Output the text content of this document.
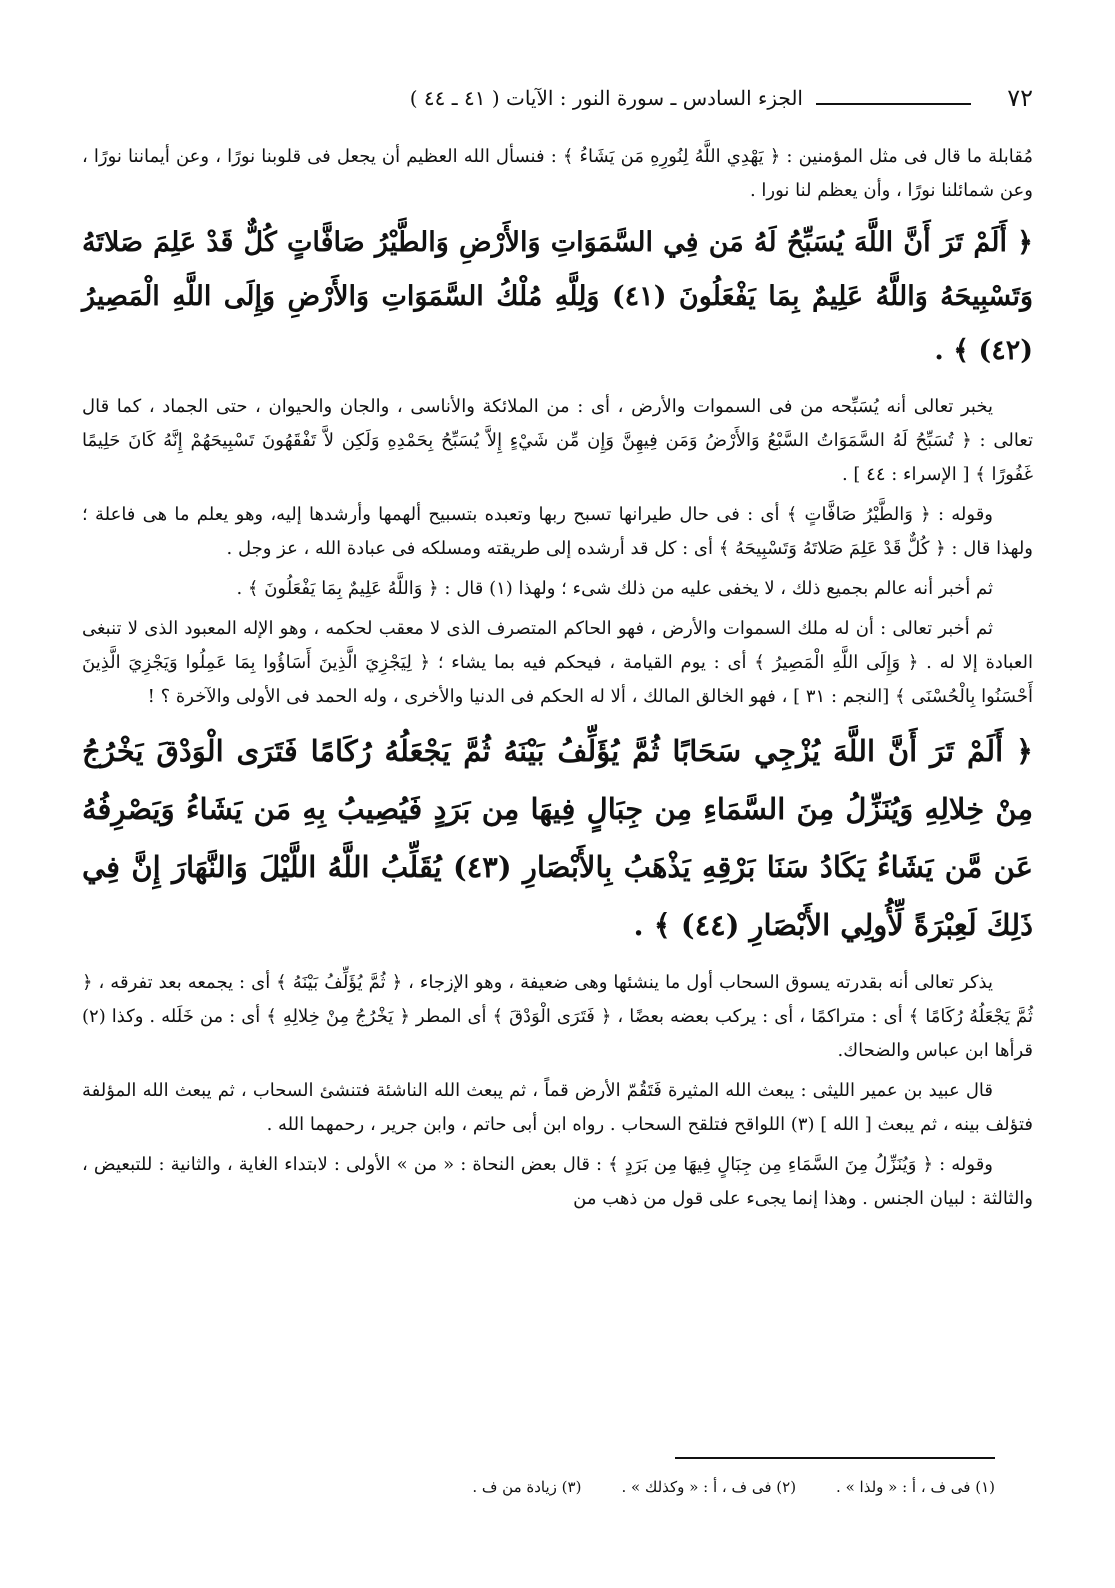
٧٢
الجزء السادس ـ سورة النور : الآيات ( ٤١ ـ ٤٤ )

مُقابلة ما قال فى مثل المؤمنين : ﴿ يَهْدِي اللَّهُ لِنُورِهِ مَن يَشَاءُ ﴾ : فنسأل الله العظيم أن يجعل فى قلوبنا نورًا ، وعن أيماننا نورًا ، وعن شمائلنا نورًا ، وأن يعظم لنا نورا .

﴿ أَلَمْ تَرَ أَنَّ اللَّهَ يُسَبِّحُ لَهُ مَن فِي السَّمَوَاتِ وَالأَرْضِ وَالطَّيْرُ صَافَّاتٍ كُلٌّ قَدْ عَلِمَ صَلاتَهُ وَتَسْبِيحَهُ وَاللَّهُ عَلِيمٌ بِمَا يَفْعَلُونَ (٤١) وَلِلَّهِ مُلْكُ السَّمَوَاتِ وَالأَرْضِ وَإِلَى اللَّهِ الْمَصِيرُ (٤٢) ﴾ .

يخبر تعالى أنه يُسَبِّحه من فى السموات والأرض ، أى : من الملائكة والأناسى ، والجان والحيوان ، حتى الجماد ، كما قال تعالى : ﴿ تُسَبِّحُ لَهُ السَّمَوَاتُ السَّبْعُ وَالأَرْضُ وَمَن فِيهِنَّ وَإِن مِّن شَيْءٍ إِلاَّ يُسَبِّحُ بِحَمْدِهِ وَلَكِن لاَّ تَفْقَهُونَ تَسْبِيحَهُمْ إِنَّهُ كَانَ حَلِيمًا غَفُورًا ﴾ [ الإسراء : ٤٤ ] .

وقوله : ﴿ وَالطَّيْرُ صَافَّاتٍ ﴾ أى : فى حال طيرانها تسبح ربها وتعبده بتسبيح ألهمها وأرشدها إليه، وهو يعلم ما هى فاعلة ؛ ولهذا قال : ﴿ كُلٌّ قَدْ عَلِمَ صَلاتَهُ وَتَسْبِيحَهُ ﴾ أى : كل قد أرشده إلى طريقته ومسلكه فى عبادة الله ، عز وجل .

ثم أخبر أنه عالم بجميع ذلك ، لا يخفى عليه من ذلك شىء ؛ ولهذا (١) قال : ﴿ وَاللَّهُ عَلِيمٌ بِمَا يَفْعَلُونَ ﴾ .

ثم أخبر تعالى : أن له ملك السموات والأرض ، فهو الحاكم المتصرف الذى لا معقب لحكمه ، وهو الإله المعبود الذى لا تنبغى العبادة إلا له . ﴿ وَإِلَى اللَّهِ الْمَصِيرُ ﴾ أى : يوم القيامة ، فيحكم فيه بما يشاء ؛ ﴿ لِيَجْزِيَ الَّذِينَ أَسَاؤُوا بِمَا عَمِلُوا وَيَجْزِيَ الَّذِينَ أَحْسَنُوا بِالْحُسْنَى ﴾ [النجم : ٣١ ] ، فهو الخالق المالك ، ألا له الحكم فى الدنيا والأخرى ، وله الحمد فى الأولى والآخرة ؟ !

﴿ أَلَمْ تَرَ أَنَّ اللَّهَ يُزْجِي سَحَابًا ثُمَّ يُؤَلِّفُ بَيْنَهُ ثُمَّ يَجْعَلُهُ رُكَامًا فَتَرَى الْوَدْقَ يَخْرُجُ مِنْ خِلالِهِ وَيُنَزِّلُ مِنَ السَّمَاءِ مِن جِبَالٍ فِيهَا مِن بَرَدٍ فَيُصِيبُ بِهِ مَن يَشَاءُ وَيَصْرِفُهُ عَن مَّن يَشَاءُ يَكَادُ سَنَا بَرْقِهِ يَذْهَبُ بِالأَبْصَارِ (٤٣) يُقَلِّبُ اللَّهُ اللَّيْلَ وَالنَّهَارَ إِنَّ فِي ذَلِكَ لَعِبْرَةً لِّأُولِي الأَبْصَارِ (٤٤) ﴾ .

يذكر تعالى أنه بقدرته يسوق السحاب أول ما ينشئها وهى ضعيفة ، وهو الإزجاء ، ﴿ ثُمَّ يُؤَلِّفُ بَيْنَهُ ﴾ أى : يجمعه بعد تفرقه ، ﴿ ثُمَّ يَجْعَلُهُ رُكَامًا ﴾ أى : متراكمًا ، أى : يركب بعضه بعضًا ، ﴿ فَتَرَى الْوَدْقَ ﴾ أى المطر ﴿ يَخْرُجُ مِنْ خِلالِهِ ﴾ أى : من خَلَله . وكذا (٢) قرأها ابن عباس والضحاك.

قال عبيد بن عمير الليثى : يبعث الله المثيرة فَتَقُمّ الأرض قماً ، ثم يبعث الله الناشئة فتنشئ السحاب ، ثم يبعث الله المؤلفة فتؤلف بينه ، ثم يبعث [ الله ] (٣) اللواقح فتلقح السحاب . رواه ابن أبى حاتم ، وابن جرير ، رحمهما الله .

وقوله : ﴿ وَيُنَزِّلُ مِنَ السَّمَاءِ مِن جِبَالٍ فِيهَا مِن بَرَدٍ ﴾ : قال بعض النحاة : « من » الأولى : لابتداء الغاية ، والثانية : للتبعيض ، والثالثة : لبيان الجنس . وهذا إنما يجىء على قول من ذهب من

(١) فى ف ، أ : « ولذا » .
(٢) فى ف ، أ : « وكذلك » .
(٣) زيادة من ف .
